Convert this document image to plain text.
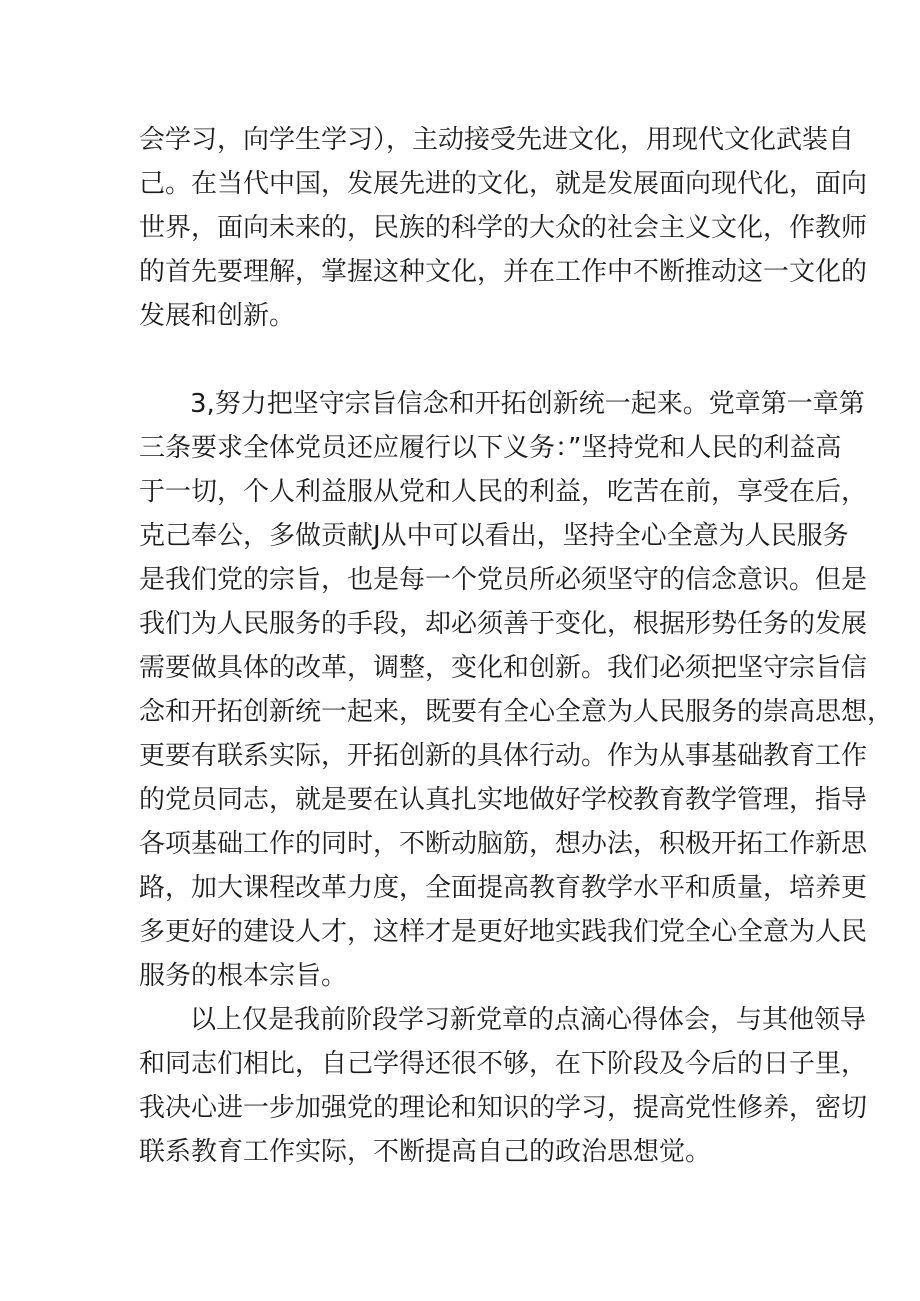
会学习，向学生学习），主动接受先进文化，用现代文化武装自
己。在当代中国，发展先进的文化，就是发展面向现代化，面向
世界，面向未来的，民族的科学的大众的社会主义文化，作教师
的首先要理解，掌握这种文化，并在工作中不断推动这一文化的
发展和创新。
3,努力把坚守宗旨信念和开拓创新统一起来。党章第一章第
三条要求全体党员还应履行以下义务：”坚持党和人民的利益高
于一切，个人利益服从党和人民的利益，吃苦在前，享受在后，
克己奉公，多做贡献J从中可以看出，坚持全心全意为人民服务
是我们党的宗旨，也是每一个党员所必须坚守的信念意识。但是
我们为人民服务的手段，却必须善于变化，根据形势任务的发展
需要做具体的改革，调整，变化和创新。我们必须把坚守宗旨信
念和开拓创新统一起来，既要有全心全意为人民服务的崇高思想，
更要有联系实际，开拓创新的具体行动。作为从事基础教育工作
的党员同志，就是要在认真扎实地做好学校教育教学管理，指导
各项基础工作的同时，不断动脑筋，想办法，积极开拓工作新思
路，加大课程改革力度，全面提高教育教学水平和质量，培养更
多更好的建设人才，这样才是更好地实践我们党全心全意为人民
服务的根本宗旨。
以上仅是我前阶段学习新党章的点滴心得体会，与其他领导
和同志们相比，自己学得还很不够，在下阶段及今后的日子里，
我决心进一步加强党的理论和知识的学习，提高党性修养，密切
联系教育工作实际，不断提高自己的政治思想觉。
